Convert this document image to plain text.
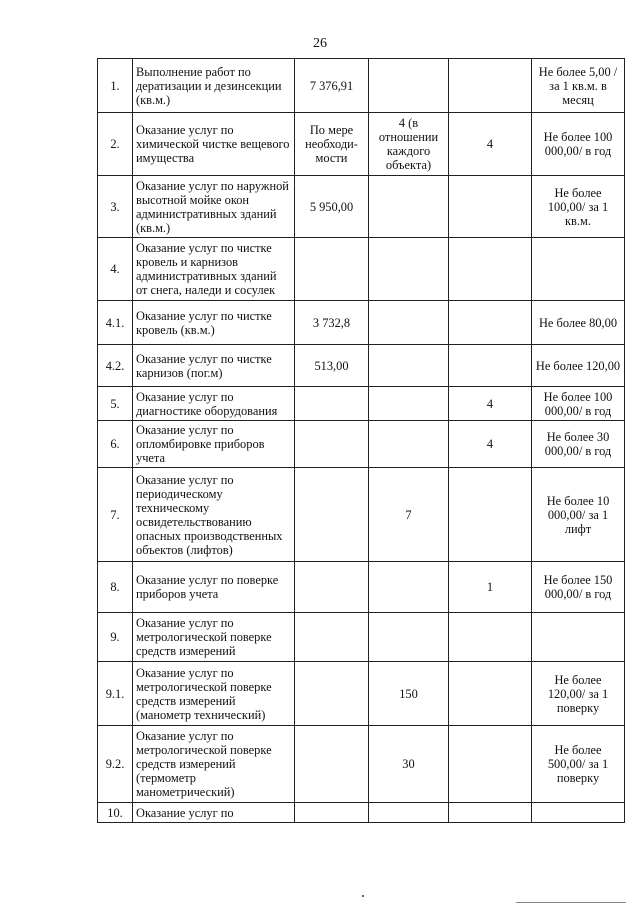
26
1.	Выполнение работ по дератизации и дезинсекции (кв.м.)	7 376,91			Не более 5,00 / за 1 кв.м. в месяц
2.	Оказание услуг по химической чистке вещевого имущества	По мере необходи-мости	4 (в отношении каждого объекта)	4	Не более 100 000,00/ в год
3.	Оказание услуг по наружной высотной мойке окон административных зданий (кв.м.)	5 950,00			Не более 100,00/ за 1 кв.м.
4.	Оказание услуг по чистке кровель и карнизов административных зданий от снега, наледи и сосулек				
4.1.	Оказание услуг по чистке кровель (кв.м.)	3 732,8			Не более 80,00
4.2.	Оказание услуг по чистке карнизов (пог.м)	513,00			Не более 120,00
5.	Оказание услуг по диагностике оборудования			4	Не более 100 000,00/ в год
6.	Оказание услуг по опломбировке приборов учета			4	Не более 30 000,00/ в год
7.	Оказание услуг по периодическому техническому освидетельствованию опасных производственных объектов (лифтов)		7		Не более 10 000,00/ за 1 лифт
8.	Оказание услуг по поверке приборов учета			1	Не более 150 000,00/ в год
9.	Оказание услуг по метрологической поверке средств измерений				
9.1.	Оказание услуг по метрологической поверке средств измерений (манометр технический)		150		Не более 120,00/ за 1 поверку
9.2.	Оказание услуг по метрологической поверке средств измерений (термометр манометрический)		30		Не более 500,00/ за 1 поверку
10.	Оказание услуг по				
